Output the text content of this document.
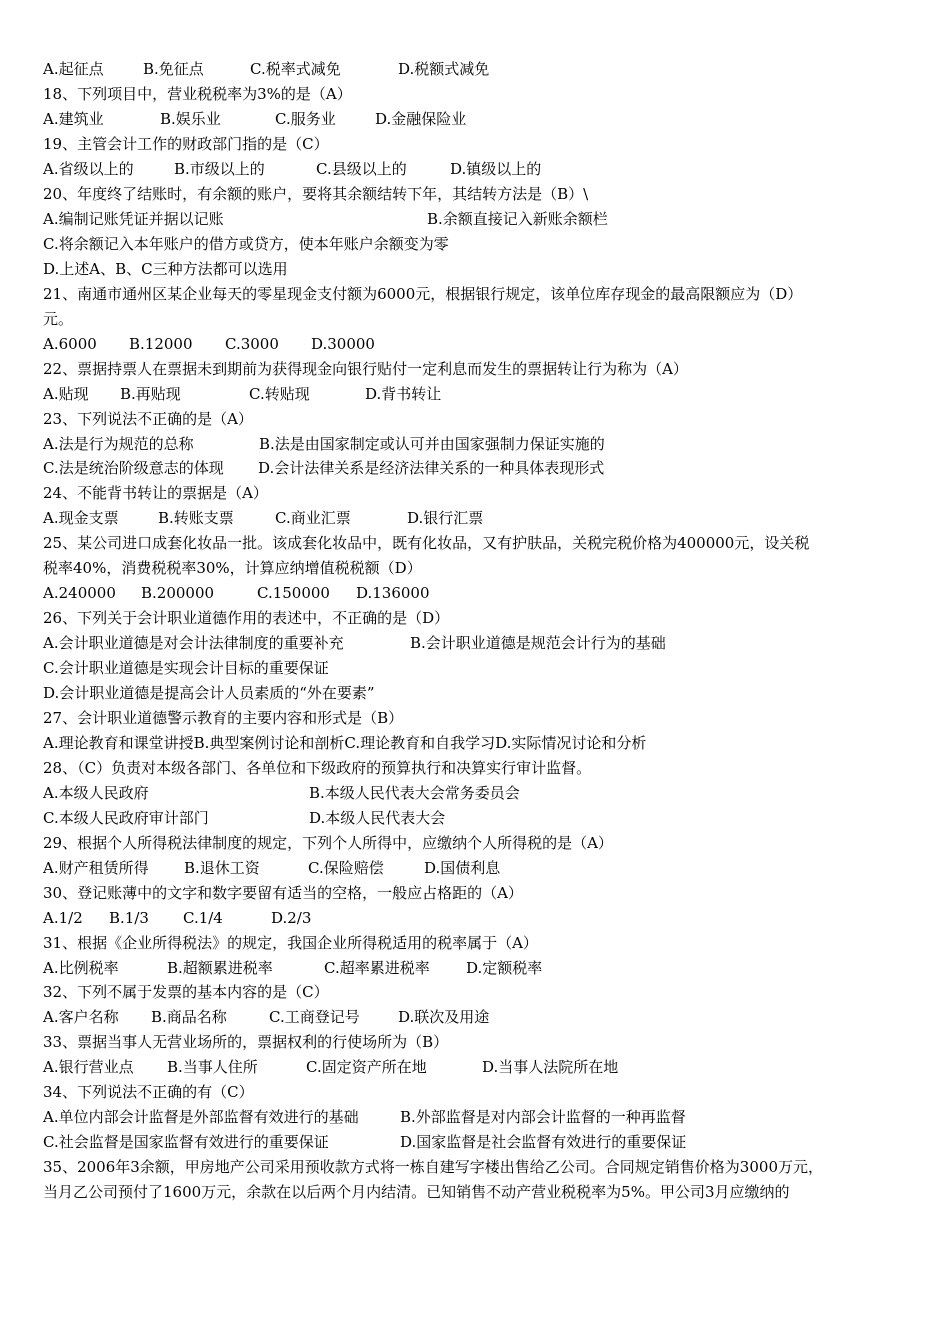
A.起征点	B.免征点	C.税率式减免	D.税额式减免
18、下列项目中，营业税税率为3%的是（A）
A.建筑业	B.娱乐业	C.服务业	D.金融保险业
19、主管会计工作的财政部门指的是（C）
A.省级以上的	B.市级以上的	C.县级以上的	D.镇级以上的
20、年度终了结账时，有余额的账户，要将其余额结转下年，其结转方法是（B）\
A.编制记账凭证并据以记账	B.余额直接记入新账余额栏
C.将余额记入本年账户的借方或贷方，使本年账户余额变为零
D.上述A、B、C三种方法都可以选用
21、南通市通州区某企业每天的零星现金支付额为6000元，根据银行规定，该单位库存现金的最高限额应为（D）
元。
A.6000 B.12000 C.3000 D.30000
22、票据持票人在票据未到期前为获得现金向银行贴付一定利息而发生的票据转让行为称为（A）
A.贴现 B.再贴现	C.转贴现	D.背书转让
23、下列说法不正确的是（A）
A.法是行为规范的总称	B.法是由国家制定或认可并由国家强制力保证实施的
C.法是统治阶级意志的体现 D.会计法律关系是经济法律关系的一种具体表现形式
24、不能背书转让的票据是（A）
A.现金支票	B.转账支票	C.商业汇票	D.银行汇票
25、某公司进口成套化妆品一批。该成套化妆品中，既有化妆品，又有护肤品，关税完税价格为400000元，设关税
税率40%，消费税税率30%，计算应纳增值税税额（D）
A.240000 B.200000	C.150000 D.136000
26、下列关于会计职业道德作用的表述中，不正确的是（D）
A.会计职业道德是对会计法律制度的重要补充	B.会计职业道德是规范会计行为的基础
C.会计职业道德是实现会计目标的重要保证
D.会计职业道德是提高会计人员素质的“外在要素”
27、会计职业道德警示教育的主要内容和形式是（B）
A.理论教育和课堂讲授B.典型案例讨论和剖析C.理论教育和自我学习D.实际情况讨论和分析
28、（C）负责对本级各部门、各单位和下级政府的预算执行和决算实行审计监督。
A.本级人民政府	B.本级人民代表大会常务委员会
C.本级人民政府审计部门	D.本级人民代表大会
29、根据个人所得税法律制度的规定，下列个人所得中，应缴纳个人所得税的是（A）
A.财产租赁所得 B.退休工资	C.保险赔偿	D.国债利息
30、登记账薄中的文字和数字要留有适当的空格，一般应占格距的（A）
A.1/2 B.1/3 C.1/4	D.2/3
31、根据《企业所得税法》的规定，我国企业所得税适用的税率属于（A）
A.比例税率	B.超额累进税率	C.超率累进税率 D.定额税率
32、下列不属于发票的基本内容的是（C）
A.客户名称 B.商品名称	C.工商登记号	D.联次及用途
33、票据当事人无营业场所的，票据权利的行使场所为（B）
A.银行营业点 B.当事人住所	C.固定资产所在地	D.当事人法院所在地
34、下列说法不正确的有（C）
A.单位内部会计监督是外部监督有效进行的基础	B.外部监督是对内部会计监督的一种再监督
C.社会监督是国家监督有效进行的重要保证	D.国家监督是社会监督有效进行的重要保证
35、2006年3余额，甲房地产公司采用预收款方式将一栋自建写字楼出售给乙公司。合同规定销售价格为3000万元，
当月乙公司预付了1600万元，余款在以后两个月内结清。已知销售不动产营业税税率为5%。甲公司3月应缴纳的
